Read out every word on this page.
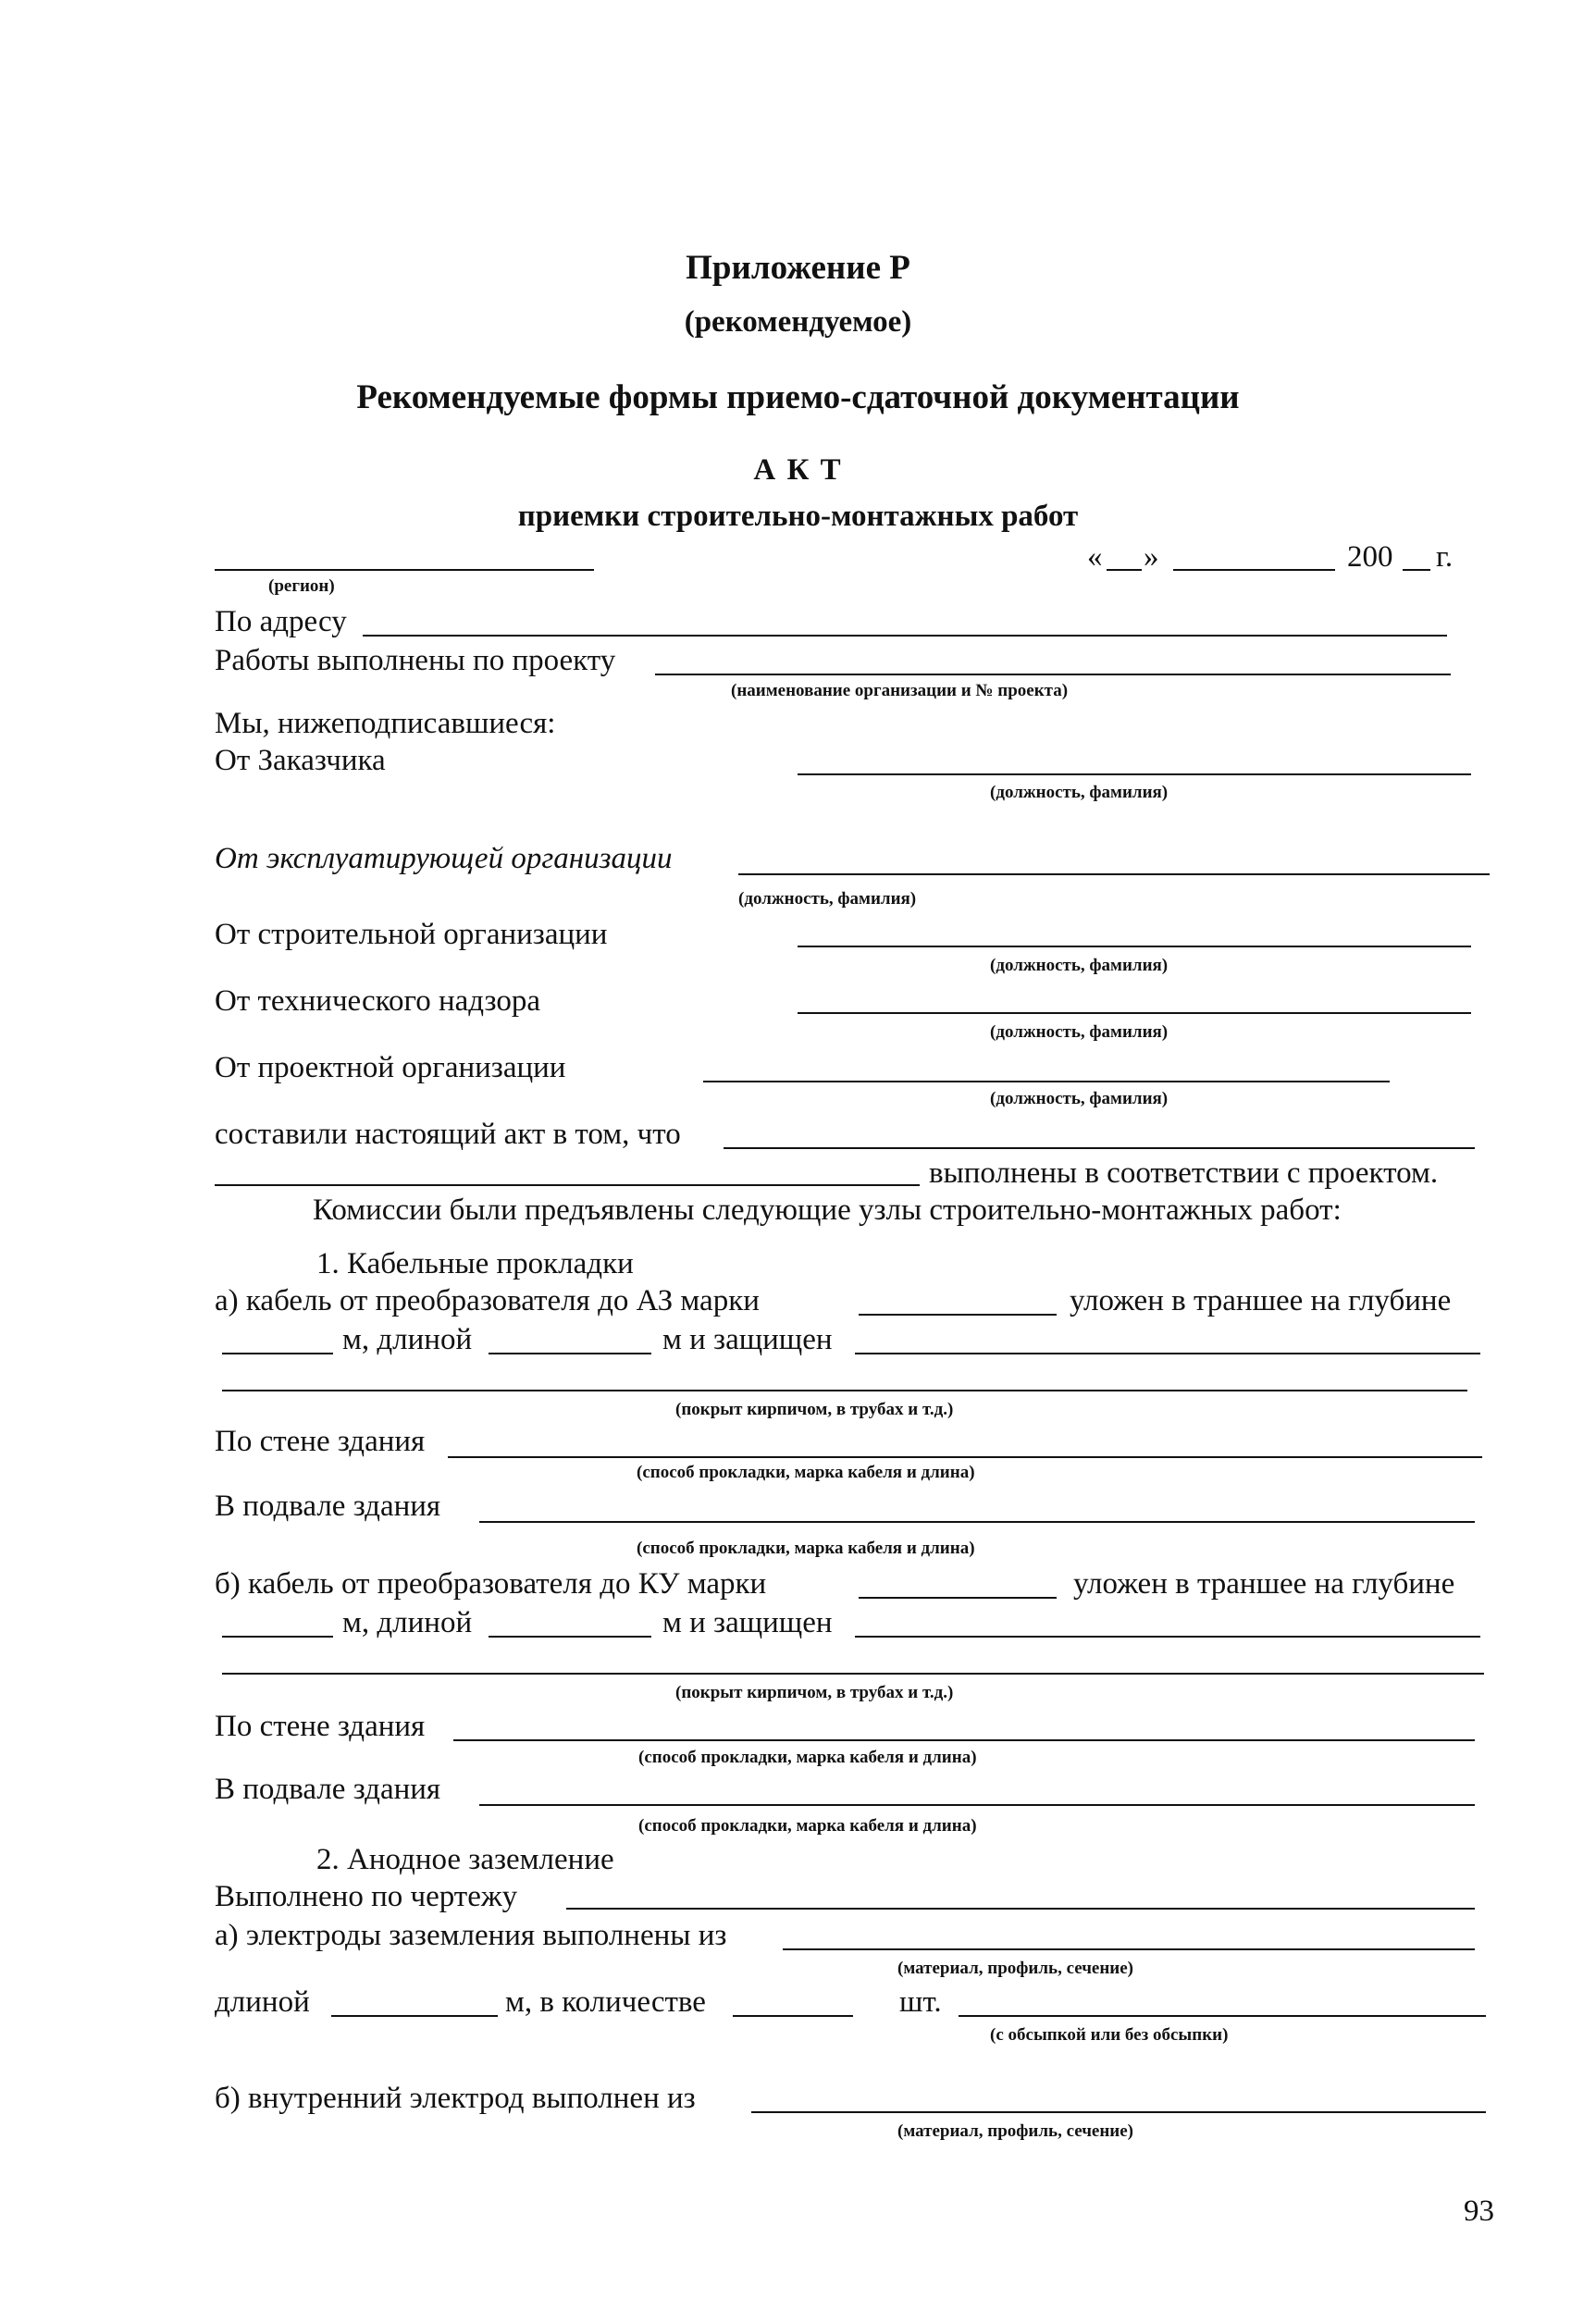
Приложение Р
(рекомендуемое)
Рекомендуемые формы приемо-сдаточной документации
А К Т
приемки строительно-монтажных работ
(регион)
« »	200 г.
По адресу
Работы выполнены по проекту
(наименование организации и № проекта)
Мы, нижеподписавшиеся:
От Заказчика
(должность, фамилия)
От эксплуатирующей организации
(должность, фамилия)
От строительной организации
(должность, фамилия)
От технического надзора
(должность, фамилия)
От проектной организации
(должность, фамилия)
составили настоящий акт в том, что
выполнены в соответствии с проектом.
Комиссии были предъявлены следующие узлы строительно-монтажных работ:
1. Кабельные прокладки
а) кабель от преобразователя до АЗ марки	уложен в траншее на глубине
м, длиной	м и защищен
(покрыт кирпичом, в трубах и т.д.)
По стене здания
(способ прокладки, марка кабеля и длина)
В подвале здания
(способ прокладки, марка кабеля и длина)
б) кабель от преобразователя до КУ марки	уложен в траншее на глубине
м, длиной	м и защищен
(покрыт кирпичом, в трубах и т.д.)
По стене здания
(способ прокладки, марка кабеля и длина)
В подвале здания
(способ прокладки, марка кабеля и длина)
2. Анодное заземление
Выполнено по чертежу
а) электроды заземления выполнены из
(материал, профиль, сечение)
длиной	м, в количестве	шт.
(с обсыпкой или без обсыпки)
б) внутренний электрод выполнен из
(материал, профиль, сечение)
93
